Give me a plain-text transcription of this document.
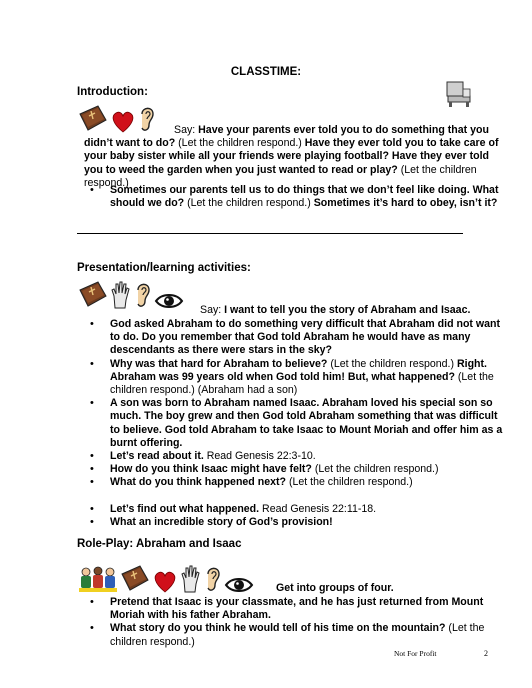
CLASSTIME:
Introduction:
Say: Have your parents ever told you to do something that you didn’t want to do? (Let the children respond.) Have they ever told you to take care of your baby sister while all your friends were playing football? Have they ever told you to weed the garden when you just wanted to read or play? (Let the children respond.)
• Sometimes our parents tell us to do things that we don’t feel like doing. What should we do? (Let the children respond.) Sometimes it’s hard to obey, isn’t it?
Presentation/learning activities:
Say: I want to tell you the story of Abraham and Isaac.
• God asked Abraham to do something very difficult that Abraham did not want to do. Do you remember that God told Abraham he would have as many descendants as there were stars in the sky?
• Why was that hard for Abraham to believe? (Let the children respond.) Right. Abraham was 99 years old when God told him! But, what happened? (Let the children respond.) (Abraham had a son)
• A son was born to Abraham named Isaac. Abraham loved his special son so much. The boy grew and then God told Abraham something that was difficult to believe. God told Abraham to take Isaac to Mount Moriah and offer him as a burnt offering.
• Let’s read about it. Read Genesis 22:3-10.
• How do you think Isaac might have felt? (Let the children respond.)
• What do you think happened next? (Let the children respond.)
• Let’s find out what happened. Read Genesis 22:11-18.
• What an incredible story of God’s provision!
Role-Play: Abraham and Isaac
Get into groups of four.
• Pretend that Isaac is your classmate, and he has just returned from Mount Moriah with his father Abraham.
• What story do you think he would tell of his time on the mountain? (Let the children respond.)
Not For Profit	2
